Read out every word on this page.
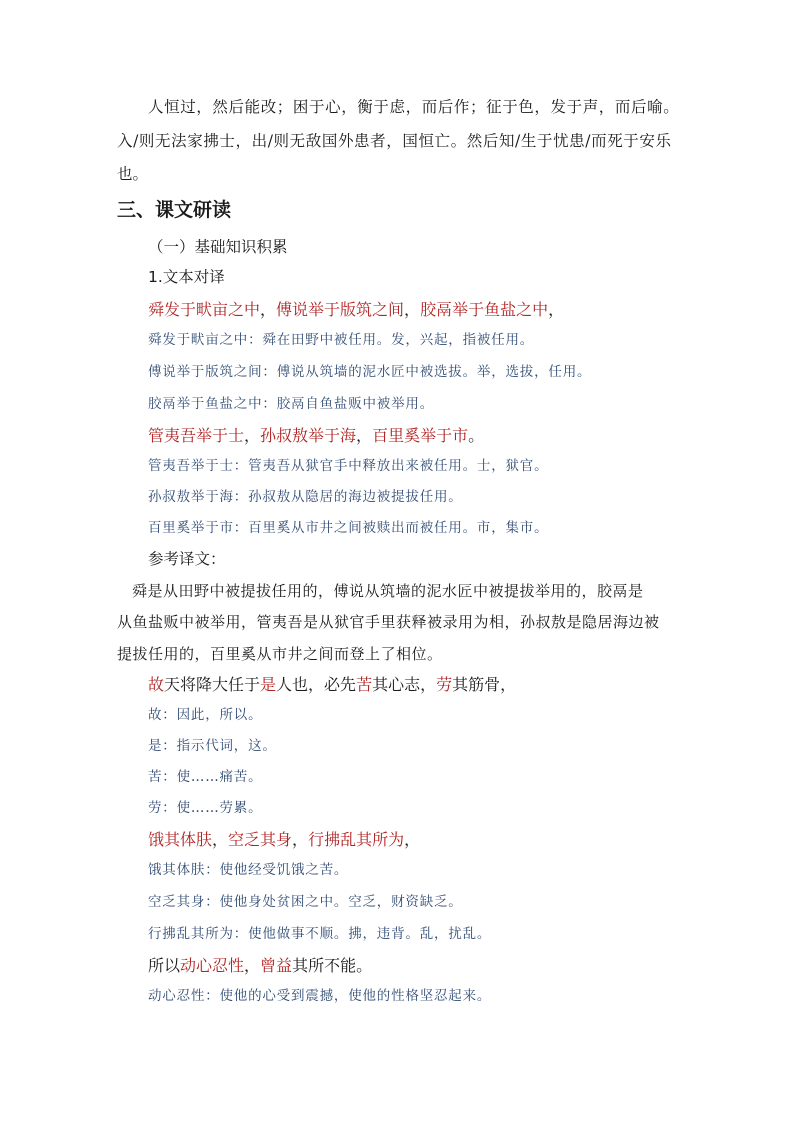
人恒过，然后能改；困于心，衡于虑，而后作；征于色，发于声，而后喻。
入/则无法家拂士，出/则无敌国外患者，国恒亡。然后知/生于忧患/而死于安乐
也。
三、课文研读
（一）基础知识积累
1.文本对译
舜发于畎亩之中，傅说举于版筑之间，胶鬲举于鱼盐之中，
舜发于畎亩之中：舜在田野中被任用。发，兴起，指被任用。
傅说举于版筑之间：傅说从筑墙的泥水匠中被选拔。举，选拔，任用。
胶鬲举于鱼盐之中：胶鬲自鱼盐贩中被举用。
管夷吾举于士，孙叔敖举于海，百里奚举于市。
管夷吾举于士：管夷吾从狱官手中释放出来被任用。士，狱官。
孙叔敖举于海：孙叔敖从隐居的海边被提拔任用。
百里奚举于市：百里奚从市井之间被赎出而被任用。市，集市。
参考译文：
舜是从田野中被提拔任用的，傅说从筑墙的泥水匠中被提拔举用的，胶鬲是
从鱼盐贩中被举用，管夷吾是从狱官手里获释被录用为相，孙叔敖是隐居海边被
提拔任用的，百里奚从市井之间而登上了相位。
故天将降大任于是人也，必先苦其心志，劳其筋骨，
故：因此，所以。
是：指示代词，这。
苦：使……痛苦。
劳：使……劳累。
饿其体肤，空乏其身，行拂乱其所为，
饿其体肤：使他经受饥饿之苦。
空乏其身：使他身处贫困之中。空乏，财资缺乏。
行拂乱其所为：使他做事不顺。拂，违背。乱，扰乱。
所以动心忍性，曾益其所不能。
动心忍性：使他的心受到震撼，使他的性格坚忍起来。
